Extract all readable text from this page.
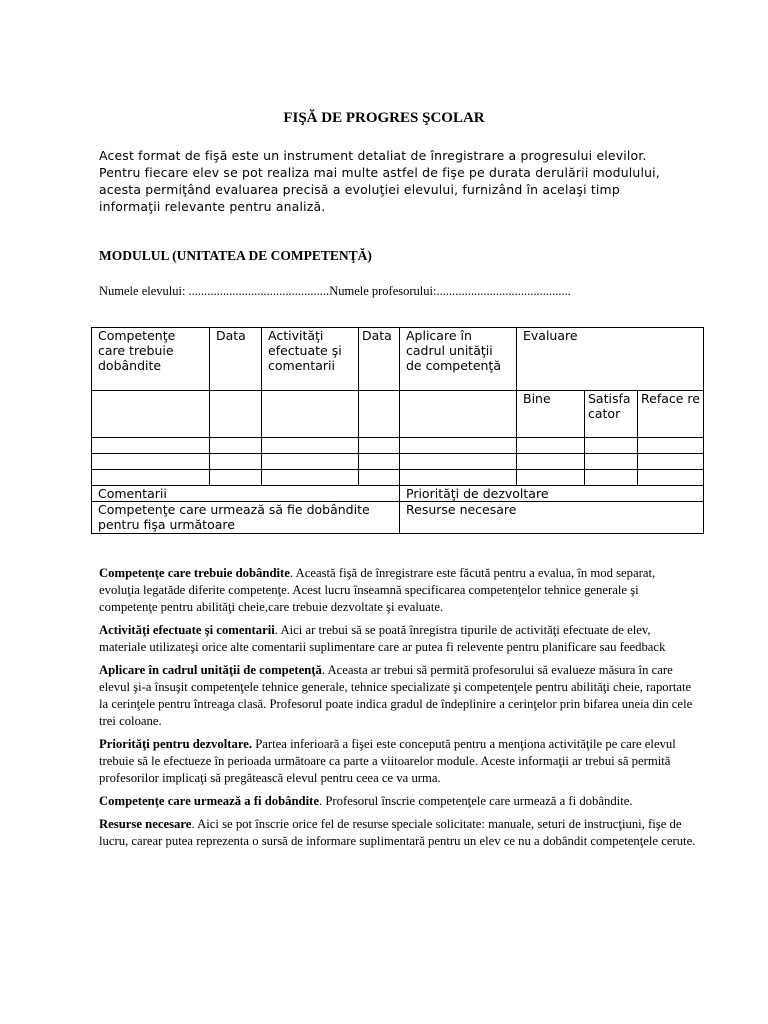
FIŞĂ DE PROGRES ŞCOLAR
Acest format de fişă este un instrument detaliat de înregistrare a progresului elevilor. Pentru fiecare elev se pot realiza mai multe astfel de fişe pe durata derulării modulului, acesta permiţând evaluarea precisă a evoluţiei elevului, furnizând în acelaşi timp informaţii relevante pentru analiză.
MODULUL (UNITATEA DE COMPETENŢĂ)
Numele elevului: .............................................Numele profesorului:...........................................
Competenţe care trebuie dobândite	Data	Activităţi efectuate şi comentarii	Data	Aplicare în cadrul unităţii de competenţă	Evaluare		
					Bine	Satisfacator	Reface re

Comentarii				Priorităţi de dezvoltare			
Competenţe care urmează să fie dobândite pentru fişa următoare				Resurse necesare			

Competenţe care trebuie dobândite. Această fişă de înregistrare este făcută pentru a evalua, în mod separat, evoluţia legatăde diferite competenţe. Acest lucru înseamnă specificarea competenţelor tehnice generale şi competenţe pentru abilităţi cheie,care trebuie dezvoltate şi evaluate.

Activităţi efectuate şi comentarii. Aici ar trebui să se poată înregistra tipurile de activităţi efectuate de elev, materiale utilizateşi orice alte comentarii suplimentare care ar putea fi relevente pentru planificare sau feedback

Aplicare în cadrul unităţii de competenţă. Aceasta ar trebui să permită profesorului să evalueze măsura în care elevul şi-a însuşit competenţele tehnice generale, tehnice specializate şi competenţele pentru abilităţi cheie, raportate la cerinţele pentru întreaga clasă. Profesorul poate indica gradul de îndeplinire a cerinţelor prin bifarea uneia din cele trei coloane.

Priorităţi pentru dezvoltare. Partea inferioară a fişei este concepută pentru a menţiona activităţile pe care elevul trebuie să le efectueze în perioada următoare ca parte a viitoarelor module. Aceste informaţii ar trebui să permită profesorilor implicaţi să pregătească elevul pentru ceea ce va urma.

Competenţe care urmează a fi dobândite. Profesorul înscrie competenţele care urmează a fi dobândite.

Resurse necesare. Aici se pot înscrie orice fel de resurse speciale solicitate: manuale, seturi de instrucţiuni, fişe de lucru, carear putea reprezenta o sursă de informare suplimentară pentru un elev ce nu a dobândit competenţele cerute.
